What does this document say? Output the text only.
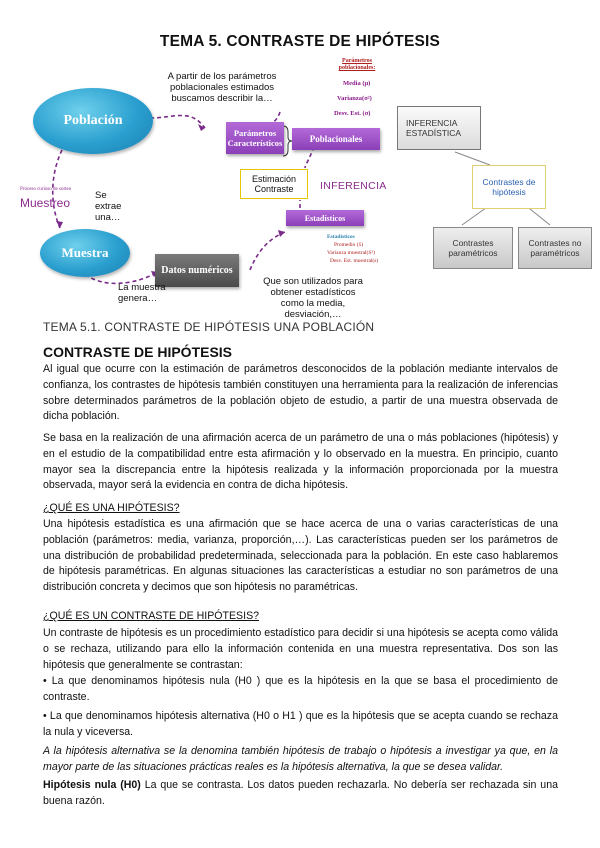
TEMA 5. CONTRASTE DE HIPÓTESIS
Población
Muestra
A partir de los parámetros poblacionales estimados buscamos describir la…
Parámetros Característicos	Poblacionales
Parámetros poblacionales:
Media (μ)
Varianza(σ²)
Desv. Est. (σ)
Estimación Contraste	INFERENCIA
Estadísticos
Estadísticos
Promedio (x̄)
Varianza muestral(S²)
Desv. Est. muestral(s)
Proceso curioso de sorteo
Muestreo
Se extrae una…
Datos numéricos
La muestra genera…
Que son utilizados para obtener estadísticos como la media, desviación,…
INFERENCIA ESTADÍSTICA
Contrastes de hipótesis
Contrastes paramétricos
Contrastes no paramétricos
TEMA 5.1. CONTRASTE DE HIPÓTESIS UNA POBLACIÓN
CONTRASTE DE HIPÓTESIS

Al igual que ocurre con la estimación de parámetros desconocidos de la población mediante intervalos de confianza, los contrastes de hipótesis también constituyen una herramienta para la realización de inferencias sobre determinados parámetros de la población objeto de estudio, a partir de una muestra observada de dicha población.

Se basa en la realización de una afirmación acerca de un parámetro de una o más poblaciones (hipótesis) y en el estudio de la compatibilidad entre esta afirmación y lo observado en la muestra. En principio, cuanto mayor sea la discrepancia entre la hipótesis realizada y la información proporcionada por la muestra observada, mayor será la evidencia en contra de dicha hipótesis.

¿QUÉ ES UNA HIPÓTESIS?

Una hipótesis estadística es una afirmación que se hace acerca de una o varias características de una población (parámetros: media, varianza, proporción,…). Las características pueden ser los parámetros de una distribución de probabilidad predeterminada, seleccionada para la población. En este caso hablaremos de hipótesis paramétricas. En algunas situaciones las características a estudiar no son parámetros de una distribución concreta y decimos que son hipótesis no paramétricas.

¿QUÉ ES UN CONTRASTE DE HIPÓTESIS?

Un contraste de hipótesis es un procedimiento estadístico para decidir si una hipótesis se acepta como válida o se rechaza, utilizando para ello la información contenida en una muestra representativa. Dos son las hipótesis que generalmente se contrastan:

• La que denominamos hipótesis nula (H0 ) que es la hipótesis en la que se basa el procedimiento de contraste.

• La que denominamos hipótesis alternativa (H0 o H1 ) que es la hipótesis que se acepta cuando se rechaza la nula y viceversa.

A la hipótesis alternativa se la denomina también hipótesis de trabajo o hipótesis a investigar ya que, en la mayor parte de las situaciones prácticas reales es la hipótesis alternativa, la que se desea validar.

Hipótesis nula (H0) La que se contrasta. Los datos pueden rechazarla. No debería ser rechazada sin una buena razón.
